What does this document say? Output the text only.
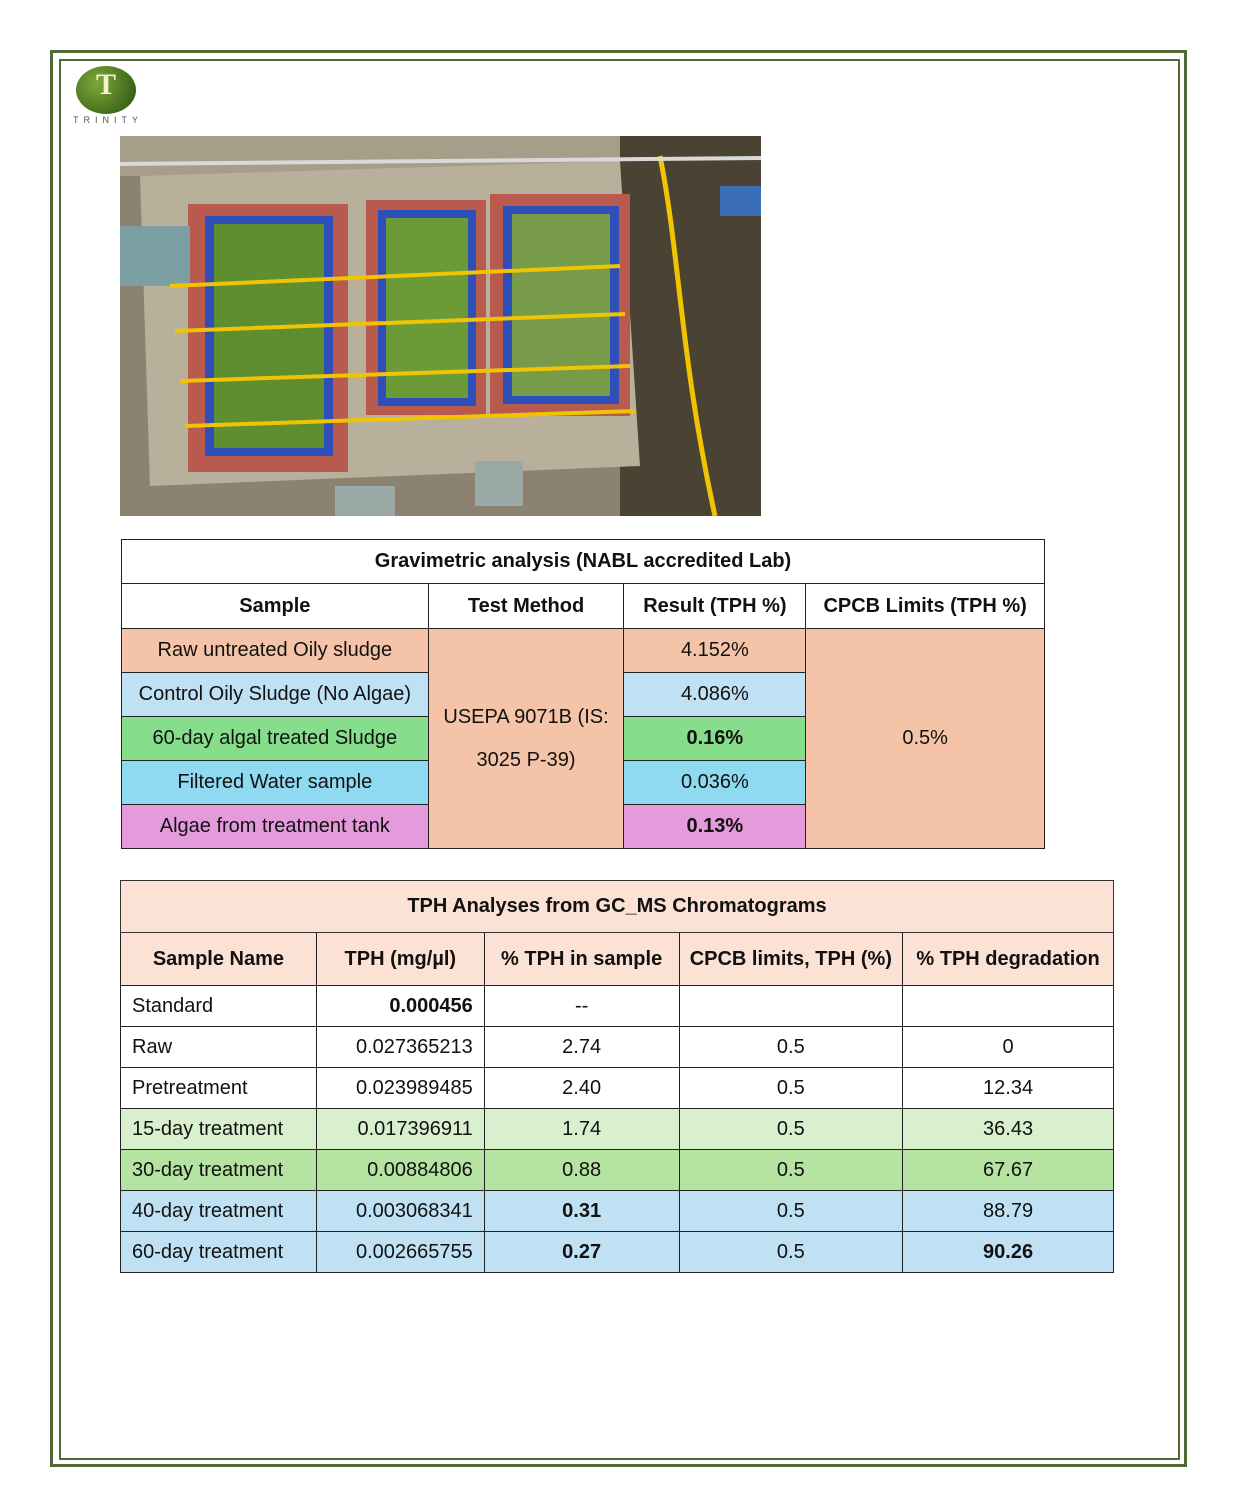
T
TRINITY
Gravimetric analysis (NABL accredited Lab)			
Sample	Test Method	Result (TPH %)	CPCB Limits (TPH %)
Raw untreated Oily sludge	USEPA 9071B (IS: 3025 P-39)	4.152%	0.5%
Control Oily Sludge (No Algae)		4.086%	
60-day algal treated Sludge		0.16%	
Filtered Water sample		0.036%	
Algae from treatment tank		0.13%	
TPH Analyses from GC_MS Chromatograms				
Sample Name	TPH (mg/µl)	% TPH in sample	CPCB limits, TPH (%)	% TPH degradation
Standard	0.000456	--		
Raw	0.027365213	2.74	0.5	0
Pretreatment	0.023989485	2.40	0.5	12.34
15-day treatment	0.017396911	1.74	0.5	36.43
30-day treatment	0.00884806	0.88	0.5	67.67
40-day treatment	0.003068341	0.31	0.5	88.79
60-day treatment	0.002665755	0.27	0.5	90.26
